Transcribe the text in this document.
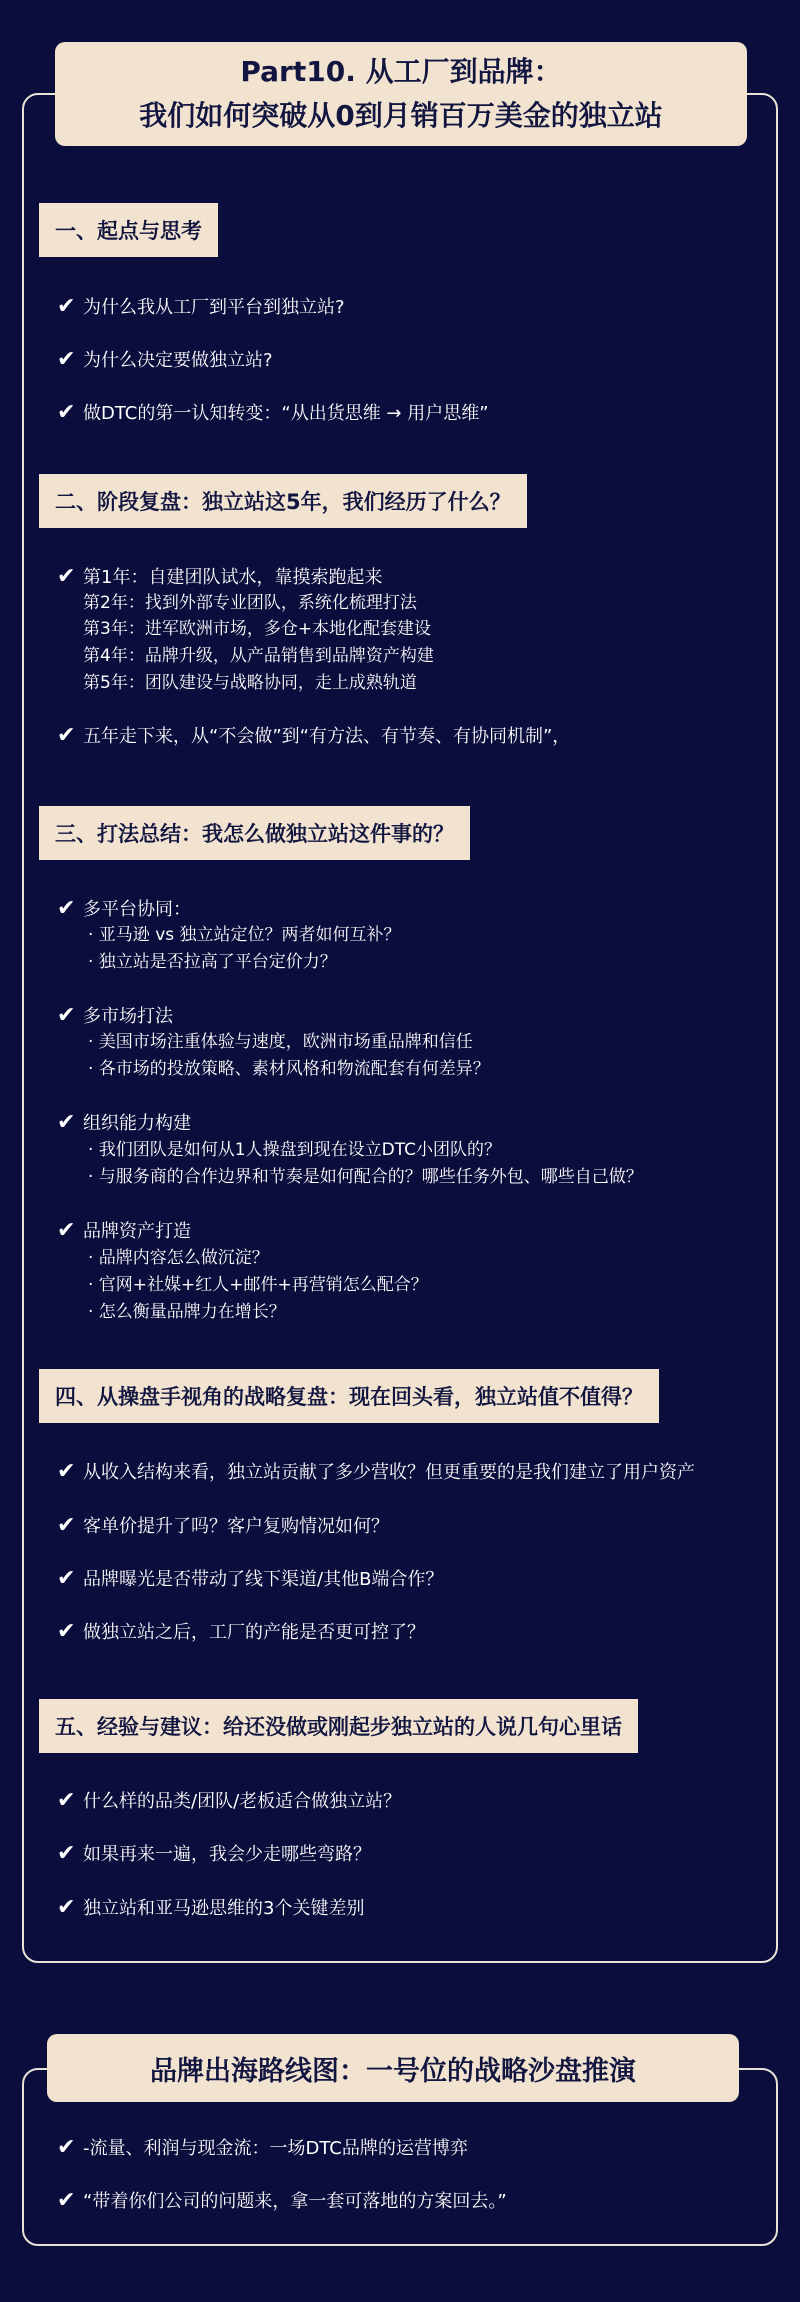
Part10. 从工厂到品牌：
我们如何突破从0到月销百万美金的独立站
一、起点与思考
✔ 为什么我从工厂到平台到独立站?
✔ 为什么决定要做独立站?
✔ 做DTC的第一认知转变：“从出货思维 → 用户思维”
二、阶段复盘：独立站这5年，我们经历了什么？
✔ 第1年：自建团队试水，靠摸索跑起来
第2年：找到外部专业团队，系统化梳理打法
第3年：进军欧洲市场，多仓+本地化配套建设
第4年：品牌升级，从产品销售到品牌资产构建
第5年：团队建设与战略协同，走上成熟轨道
✔ 五年走下来，从“不会做”到“有方法、有节奏、有协同机制”，
三、打法总结：我怎么做独立站这件事的？
✔ 多平台协同：
· 亚马逊 vs 独立站定位？两者如何互补？
· 独立站是否拉高了平台定价力？
✔ 多市场打法
· 美国市场注重体验与速度，欧洲市场重品牌和信任
· 各市场的投放策略、素材风格和物流配套有何差异？
✔ 组织能力构建
· 我们团队是如何从1人操盘到现在设立DTC小团队的？
· 与服务商的合作边界和节奏是如何配合的？哪些任务外包、哪些自己做？
✔ 品牌资产打造
· 品牌内容怎么做沉淀？
· 官网+社媒+红人+邮件+再营销怎么配合？
· 怎么衡量品牌力在增长？
四、从操盘手视角的战略复盘：现在回头看，独立站值不值得？
✔ 从收入结构来看，独立站贡献了多少营收？但更重要的是我们建立了用户资产
✔ 客单价提升了吗？客户复购情况如何？
✔ 品牌曝光是否带动了线下渠道/其他B端合作？
✔ 做独立站之后，工厂的产能是否更可控了？
五、经验与建议：给还没做或刚起步独立站的人说几句心里话
✔ 什么样的品类/团队/老板适合做独立站？
✔ 如果再来一遍，我会少走哪些弯路？
✔ 独立站和亚马逊思维的3个关键差别
品牌出海路线图：一号位的战略沙盘推演
✔ -流量、利润与现金流：一场DTC品牌的运营博弈
✔ “带着你们公司的问题来，拿一套可落地的方案回去。”
